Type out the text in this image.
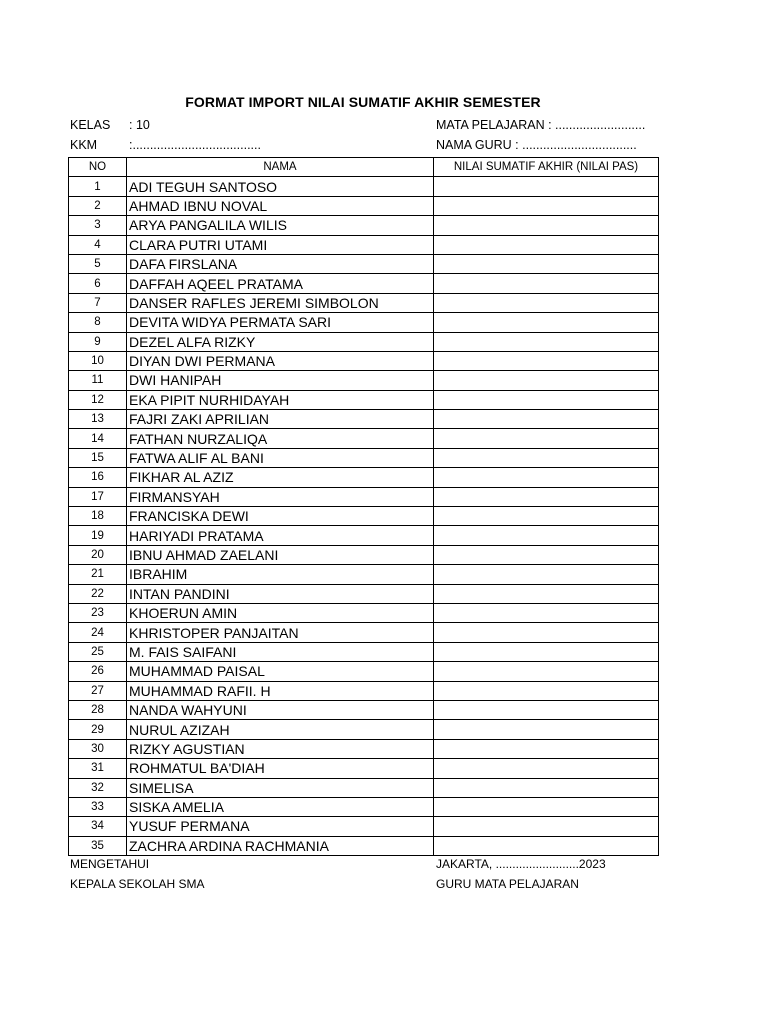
FORMAT IMPORT NILAI SUMATIF AKHIR SEMESTER
KELAS : 10	MATA PELAJARAN : ..........................
KKM	:.....................................	NAMA GURU : .................................
NO	NAMA	NILAI SUMATIF AKHIR (NILAI PAS)
1	ADI TEGUH SANTOSO	
2	AHMAD IBNU NOVAL	
3	ARYA PANGALILA WILIS	
4	CLARA PUTRI UTAMI	
5	DAFA FIRSLANA	
6	DAFFAH AQEEL PRATAMA	
7	DANSER RAFLES JEREMI SIMBOLON	
8	DEVITA WIDYA PERMATA SARI	
9	DEZEL ALFA RIZKY	
10	DIYAN DWI PERMANA	
11	DWI HANIPAH	
12	EKA PIPIT NURHIDAYAH	
13	FAJRI ZAKI APRILIAN	
14	FATHAN NURZALIQA	
15	FATWA ALIF AL BANI	
16	FIKHAR AL AZIZ	
17	FIRMANSYAH	
18	FRANCISKA DEWI	
19	HARIYADI PRATAMA	
20	IBNU AHMAD ZAELANI	
21	IBRAHIM	
22	INTAN PANDINI	
23	KHOERUN AMIN	
24	KHRISTOPER PANJAITAN	
25	M. FAIS SAIFANI	
26	MUHAMMAD PAISAL	
27	MUHAMMAD RAFII. H	
28	NANDA WAHYUNI	
29	NURUL AZIZAH	
30	RIZKY AGUSTIAN	
31	ROHMATUL BA'DIAH	
32	SIMELISA	
33	SISKA AMELIA	
34	YUSUF PERMANA	
35	ZACHRA ARDINA RACHMANIA	
MENGETAHUI
KEPALA SEKOLAH SMA
JAKARTA, .........................2023
GURU MATA PELAJARAN
